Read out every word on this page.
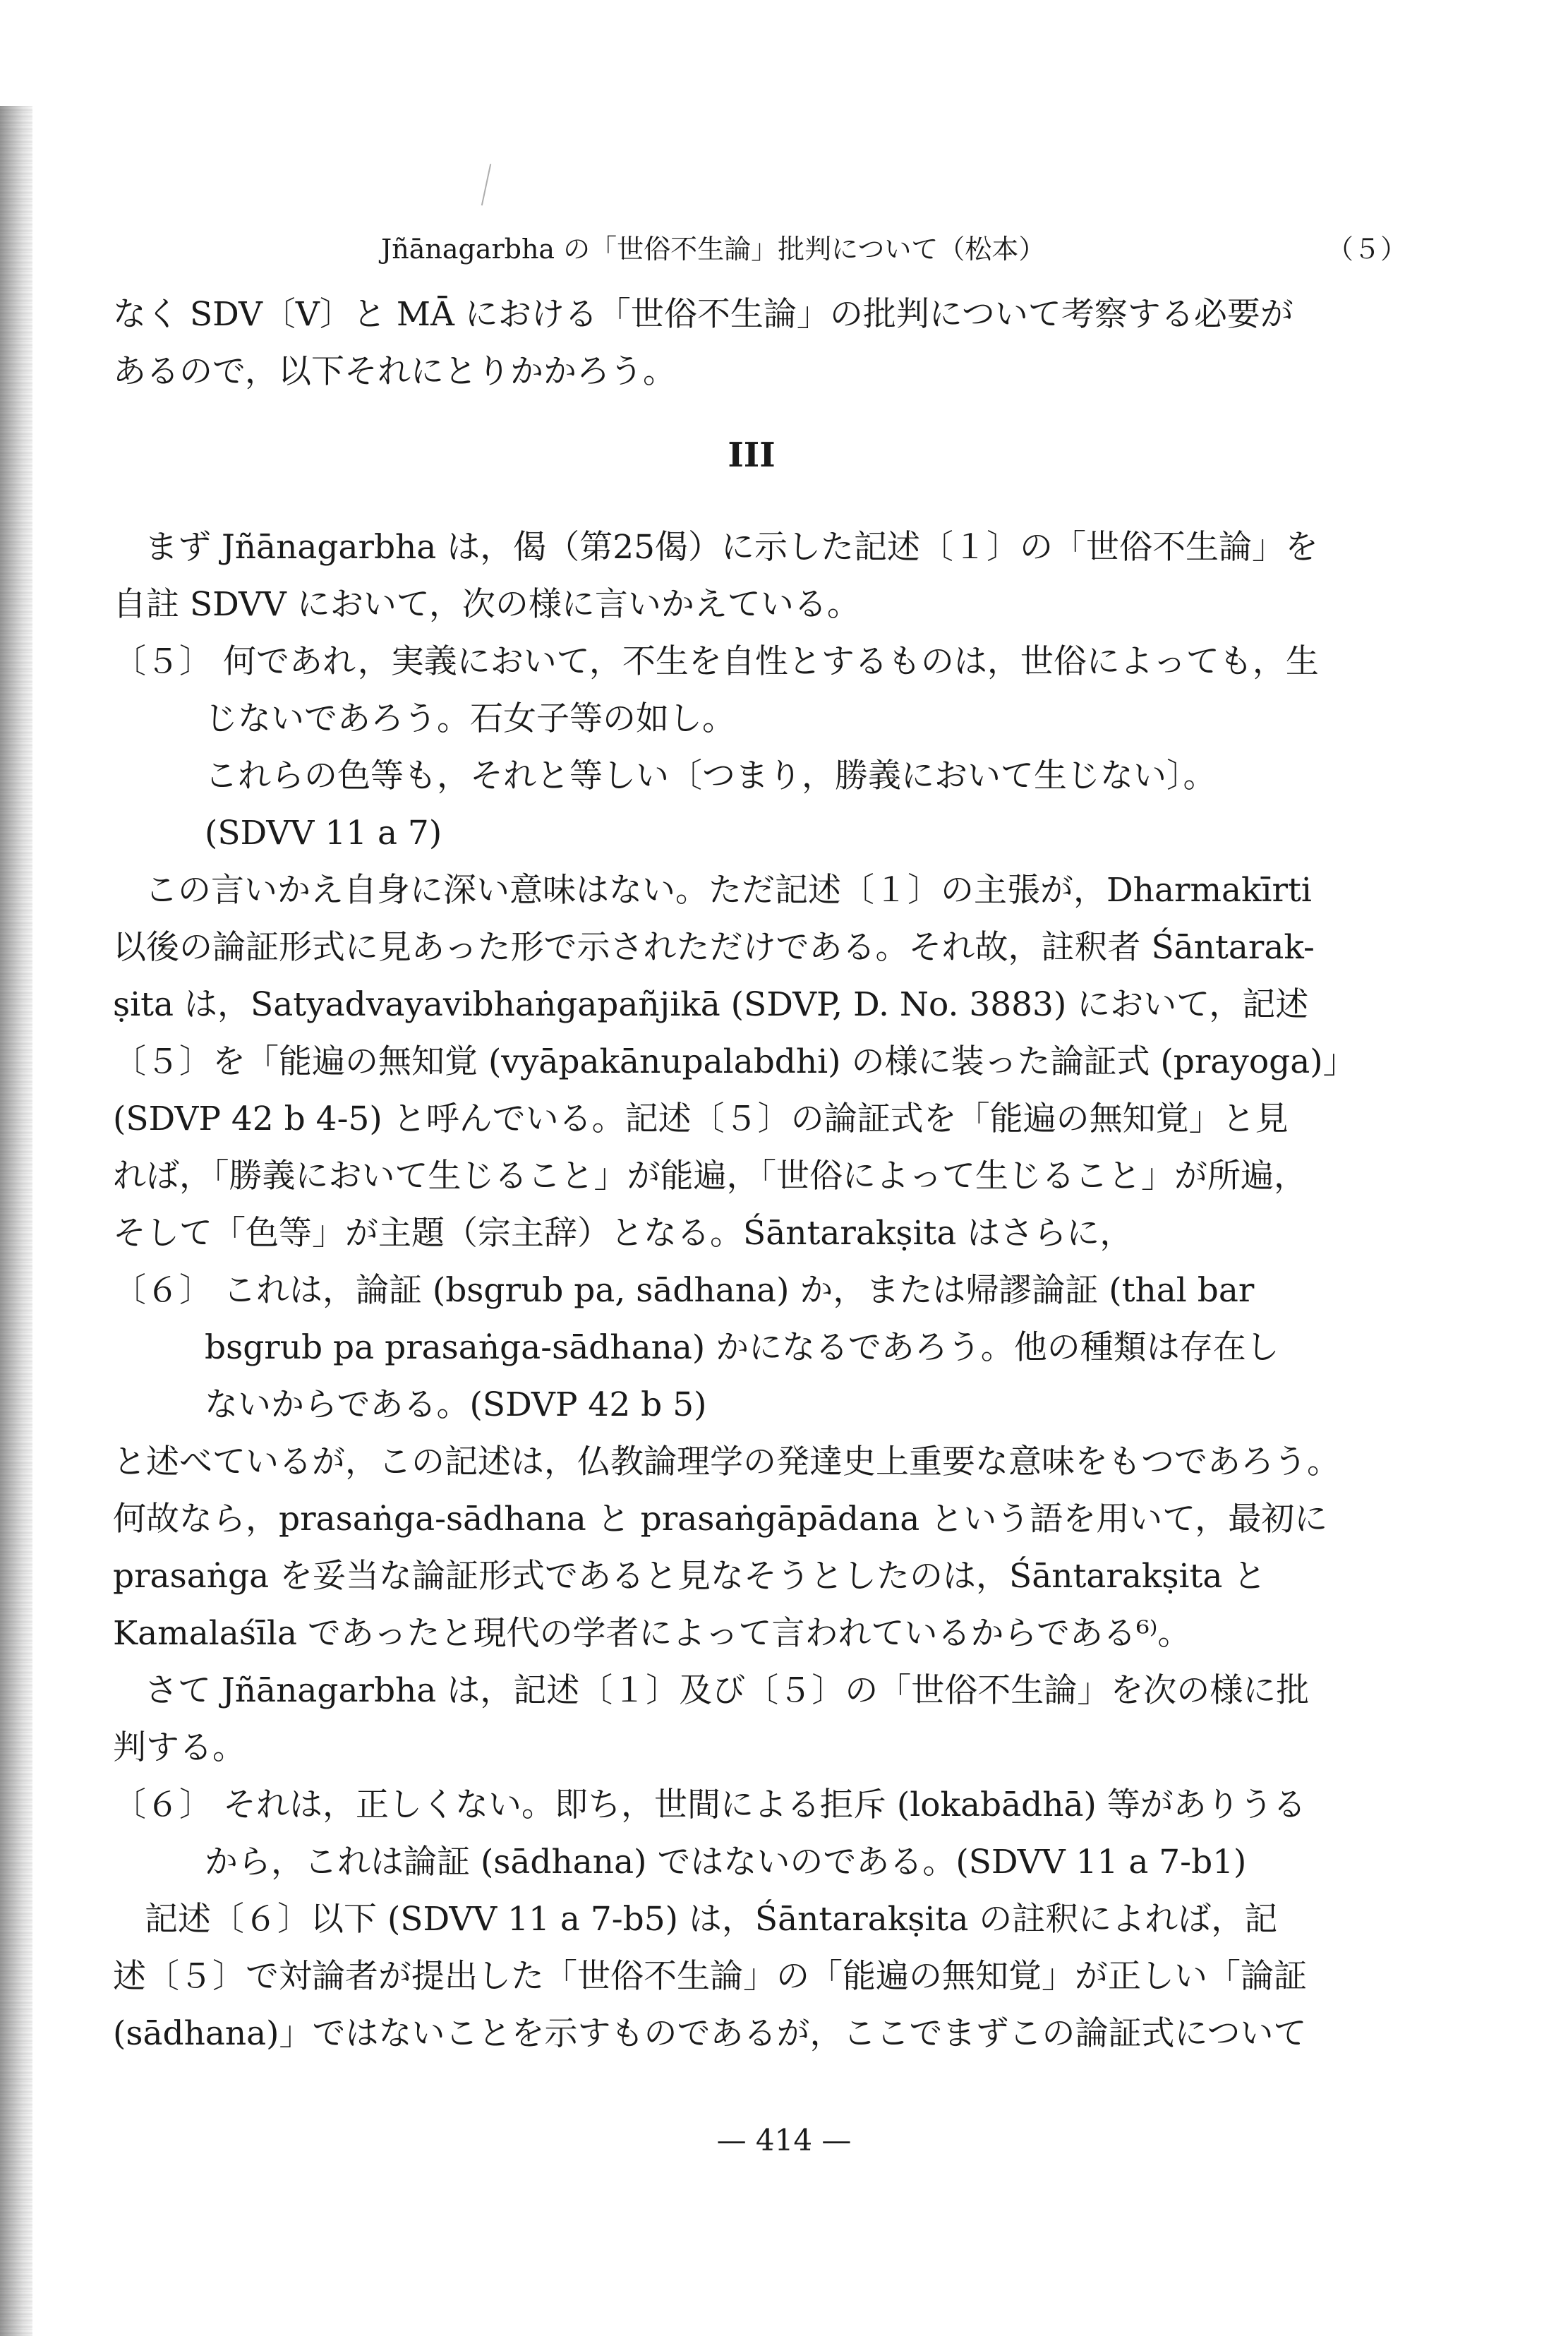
Jñānagarbha の「世俗不生論」批判について（松本）	（５）
なく SDV〔V〕と MĀ における「世俗不生論」の批判について考察する必要が
あるので，以下それにとりかかろう。
III
まず Jñānagarbha は，偈（第25偈）に示した記述〔１〕の「世俗不生論」を
自註 SDVV において，次の様に言いかえている。
〔５〕 何であれ，実義において，不生を自性とするものは，世俗によっても，生
じないであろう。石女子等の如し。
これらの色等も，それと等しい〔つまり，勝義において生じない〕。
(SDVV 11 a 7)
この言いかえ自身に深い意味はない。ただ記述〔１〕の主張が，Dharmakīrti
以後の論証形式に見あった形で示されただけである。それ故，註釈者 Śāntarak-
ṣita は，Satyadvayavibhaṅgapañjikā (SDVP, D. No. 3883) において，記述
〔５〕を「能遍の無知覚 (vyāpakānupalabdhi) の様に装った論証式 (prayoga)」
(SDVP 42 b 4-5) と呼んでいる。記述〔５〕の論証式を「能遍の無知覚」と見
れば，「勝義において生じること」が能遍，「世俗によって生じること」が所遍，
そして「色等」が主題（宗主辞）となる。Śāntarakṣita はさらに，
〔６〕 これは，論証 (bsgrub pa, sādhana) か，または帰謬論証 (thal bar
bsgrub pa prasaṅga-sādhana) かになるであろう。他の種類は存在し
ないからである。(SDVP 42 b 5)
と述べているが，この記述は，仏教論理学の発達史上重要な意味をもつであろう。
何故なら，prasaṅga-sādhana と prasaṅgāpādana という語を用いて，最初に
prasaṅga を妥当な論証形式であると見なそうとしたのは，Śāntarakṣita と
Kamalaśīla であったと現代の学者によって言われているからである⁶⁾。
さて Jñānagarbha は，記述〔１〕及び〔５〕の「世俗不生論」を次の様に批
判する。
〔６〕 それは，正しくない。即ち，世間による拒斥 (lokabādhā) 等がありうる
から，これは論証 (sādhana) ではないのである。(SDVV 11 a 7-b1)
記述〔６〕以下 (SDVV 11 a 7-b5) は，Śāntarakṣita の註釈によれば，記
述〔５〕で対論者が提出した「世俗不生論」の「能遍の無知覚」が正しい「論証
(sādhana)」ではないことを示すものであるが，ここでまずこの論証式について
— 414 —
